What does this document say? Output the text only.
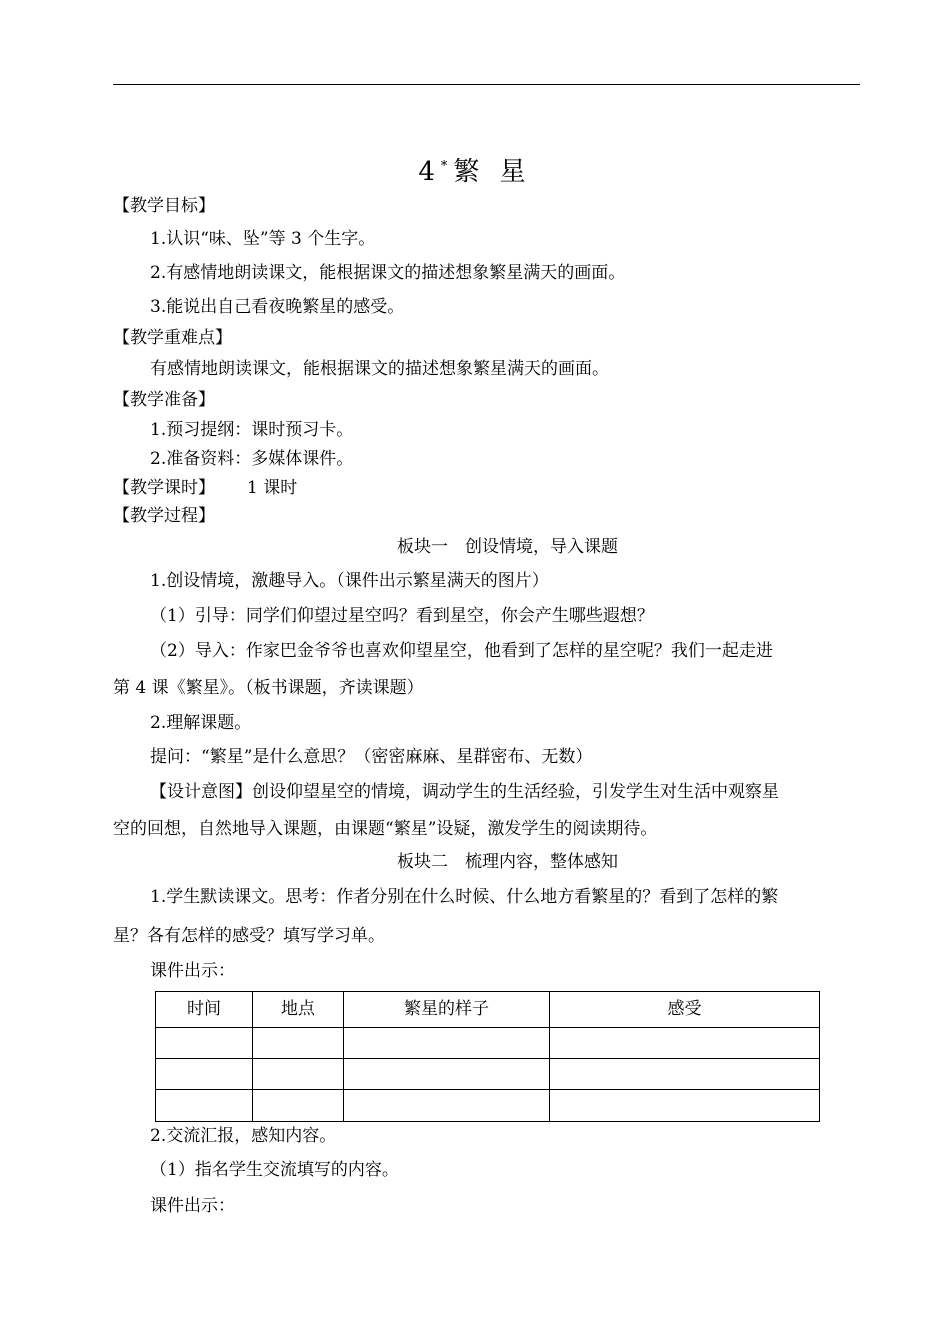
4* 繁 星
【教学目标】
1.认识“味、坠”等 3 个生字。
2.有感情地朗读课文，能根据课文的描述想象繁星满天的画面。
3.能说出自己看夜晚繁星的感受。
【教学重难点】
有感情地朗读课文，能根据课文的描述想象繁星满天的画面。
【教学准备】
1.预习提纲：课时预习卡。
2.准备资料：多媒体课件。
【教学课时】 1 课时
【教学过程】
板块一　创设情境，导入课题
1.创设情境，激趣导入。（课件出示繁星满天的图片）
（1）引导：同学们仰望过星空吗？看到星空，你会产生哪些遐想？
（2）导入：作家巴金爷爷也喜欢仰望星空，他看到了怎样的星空呢？我们一起走进
第 4 课《繁星》。（板书课题，齐读课题）
2.理解课题。
提问：“繁星”是什么意思？（密密麻麻、星群密布、无数）
【设计意图】创设仰望星空的情境，调动学生的生活经验，引发学生对生活中观察星
空的回想，自然地导入课题，由课题“繁星”设疑，激发学生的阅读期待。
板块二　梳理内容，整体感知
1.学生默读课文。思考：作者分别在什么时候、什么地方看繁星的？看到了怎样的繁
星？各有怎样的感受？填写学习单。
课件出示：
时间	地点	繁星的样子	感受

2.交流汇报，感知内容。
（1）指名学生交流填写的内容。
课件出示：
